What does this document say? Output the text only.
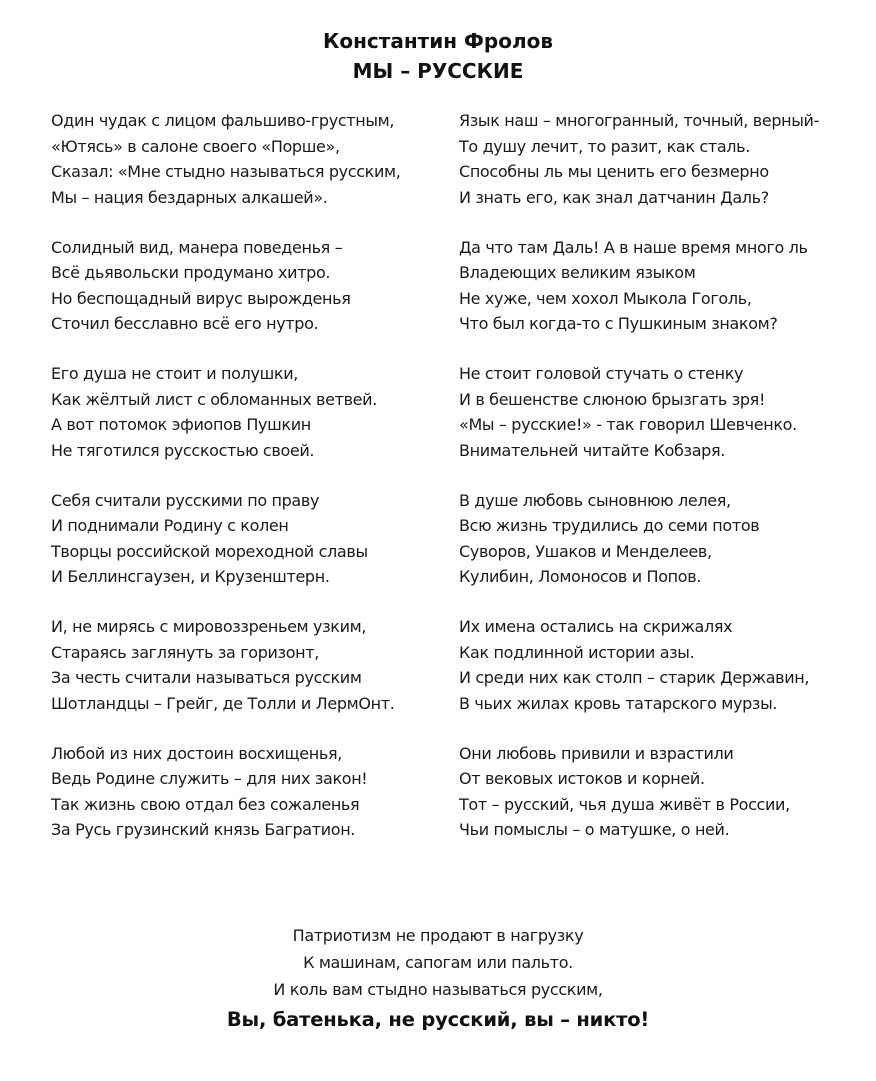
Константин Фролов
МЫ – РУССКИЕ
Один чудак с лицом фальшиво-грустным,
«Ютясь» в салоне своего «Порше»,
Сказал: «Мне стыдно называться русским,
Мы – нация бездарных алкашей».
Солидный вид, манера поведенья –
Всё дьявольски продумано хитро.
Но беспощадный вирус вырожденья
Сточил бесславно всё его нутро.
Его душа не стоит и полушки,
Как жёлтый лист с обломанных ветвей.
А вот потомок эфиопов Пушкин
Не тяготился русскостью своей.
Себя считали русскими по праву
И поднимали Родину с колен
Творцы российской мореходной славы
И Беллинсгаузен, и Крузенштерн.
И, не мирясь с мировоззреньем узким,
Стараясь заглянуть за горизонт,
За честь считали называться русским
Шотландцы – Грейг, де Толли и ЛермОнт.
Любой из них достоин восхищенья,
Ведь Родине служить – для них закон!
Так жизнь свою отдал без сожаленья
За Русь грузинский князь Багратион.
Язык наш – многогранный, точный, верный-
То душу лечит, то разит, как сталь.
Способны ль мы ценить его безмерно
И знать его, как знал датчанин Даль?
Да что там Даль! А в наше время много ль
Владеющих великим языком
Не хуже, чем хохол Мыкола Гоголь,
Что был когда-то с Пушкиным знаком?
Не стоит головой стучать о стенку
И в бешенстве слюною брызгать зря!
«Мы – русские!» - так говорил Шевченко.
Внимательней читайте Кобзаря.
В душе любовь сыновнюю лелея,
Всю жизнь трудились до семи потов
Суворов, Ушаков и Менделеев,
Кулибин, Ломоносов и Попов.
Их имена остались на скрижалях
Как подлинной истории азы.
И среди них как столп – старик Державин,
В чьих жилах кровь татарского мурзы.
Они любовь привили и взрастили
От вековых истоков и корней.
Тот – русский, чья душа живёт в России,
Чьи помыслы – о матушке, о ней.
Патриотизм не продают в нагрузку
К машинам, сапогам или пальто.
И коль вам стыдно называться русским,
Вы, батенька, не русский, вы – никто!
